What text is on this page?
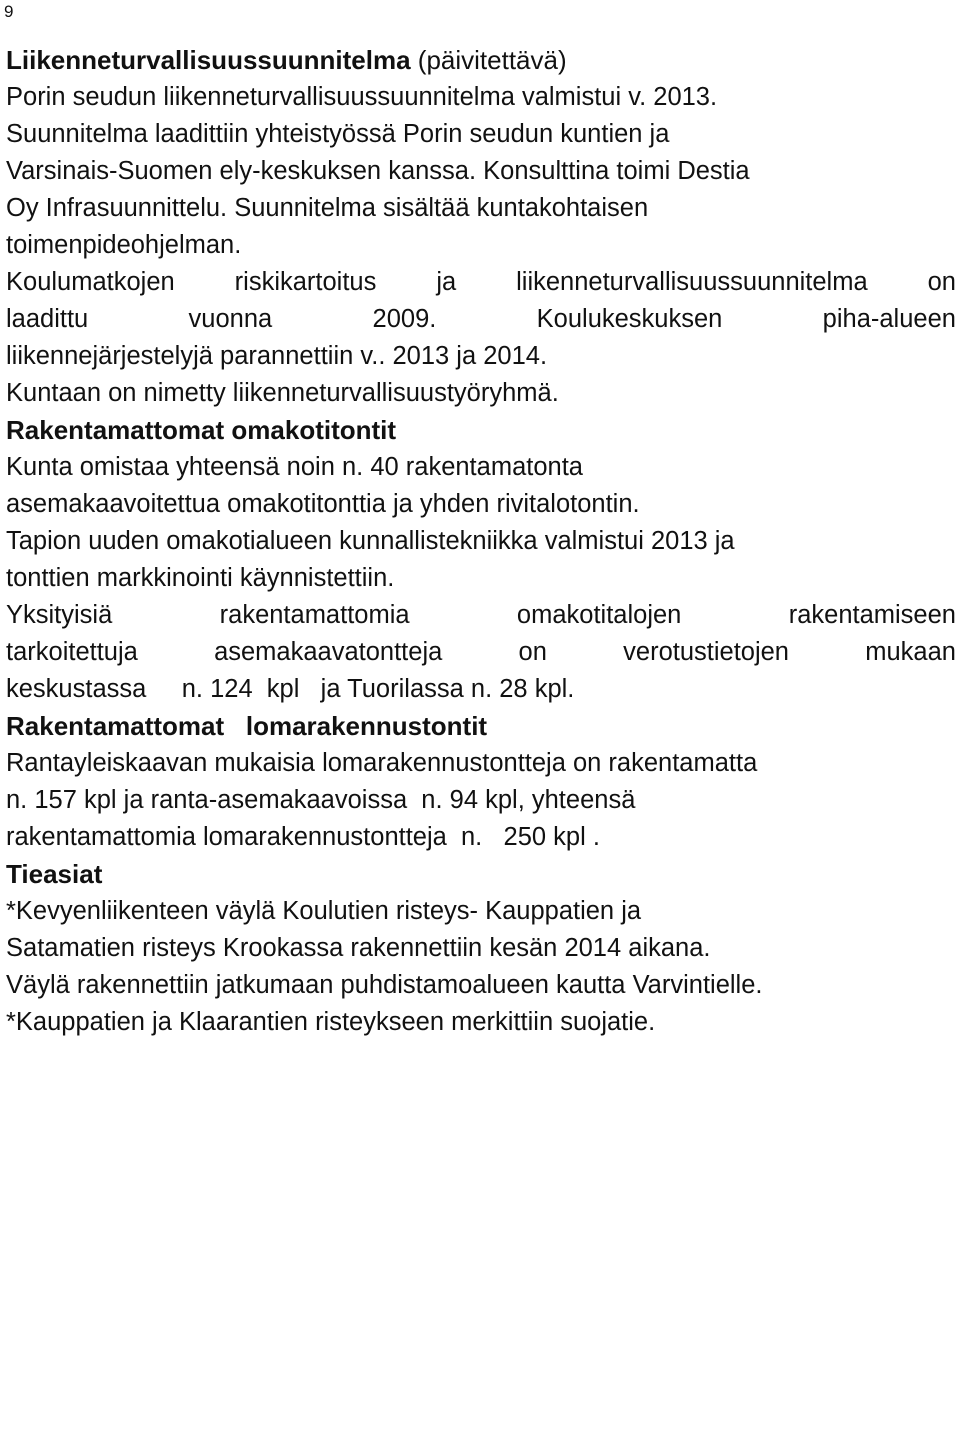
9
Liikenneturvallisuussuunnitelma (päivitettävä)

Porin seudun liikenneturvallisuussuunnitelma valmistui v. 2013.
Suunnitelma laadittiin yhteistyössä Porin seudun kuntien ja
Varsinais-Suomen ely-keskuksen kanssa. Konsulttina toimi Destia
Oy Infrasuunnittelu. Suunnitelma sisältää kuntakohtaisen
toimenpideohjelman.

Koulumatkojen riskikartoitus ja liikenneturvallisuussuunnitelma on
laadittu	vuonna	2009.	Koulukeskuksen	piha-alueen
liikennejärjestelyjä parannettiin v.. 2013 ja 2014.

Kuntaan on nimetty liikenneturvallisuustyöryhmä.

Rakentamattomat omakotitontit

Kunta omistaa yhteensä noin n. 40 rakentamatonta
asemakaavoitettua omakotitonttia ja yhden rivitalotontin.

Tapion uuden omakotialueen kunnallistekniikka valmistui 2013 ja
tonttien markkinointi käynnistettiin.

Yksityisiä	rakentamattomia	omakotitalojen	rakentamiseen
tarkoitettuja	asemakaavatontteja	on	verotustietojen	mukaan
keskustassa     n. 124  kpl   ja Tuorilassa n. 28 kpl.

Rakentamattomat   lomarakennustontit

Rantayleiskaavan mukaisia lomarakennustontteja on rakentamatta
n. 157 kpl ja ranta-asemakaavoissa  n. 94 kpl, yhteensä
rakentamattomia lomarakennustontteja  n.   250 kpl .

Tieasiat

*Kevyenliikenteen väylä Koulutien risteys- Kauppatien ja
Satamatien risteys Krookassa rakennettiin kesän 2014 aikana.
Väylä rakennettiin jatkumaan puhdistamoalueen kautta Varvintielle.
*Kauppatien ja Klaarantien risteykseen merkittiin suojatie.
